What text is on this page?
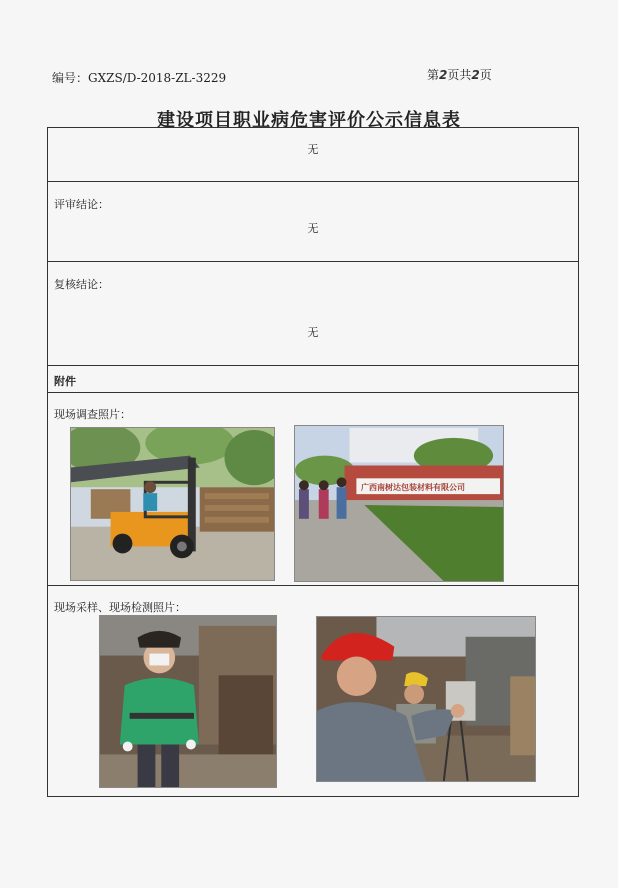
编号：GXZS/D-2018-ZL-3229	第2页共2页
建设项目职业病危害评价公示信息表
无
评审结论：
无
复核结论：
无
附件
现场调查照片：
现场采样、现场检测照片：
广西南树达包装材料有限公司
